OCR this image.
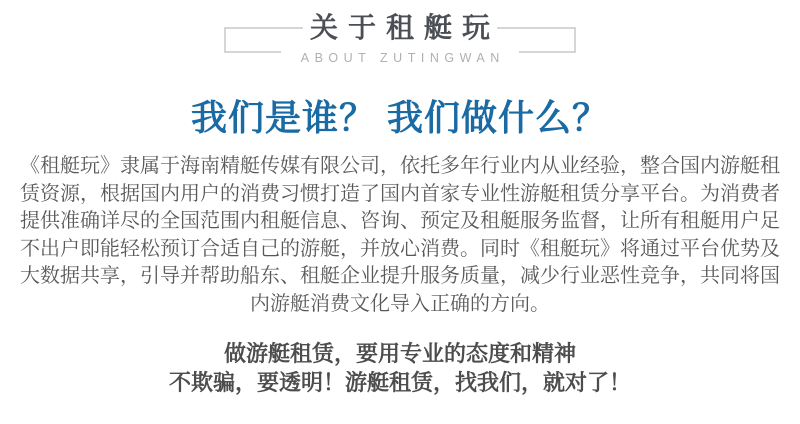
关于租艇玩
ABOUT ZUTINGWAN
我们是谁？ 我们做什么？

《租艇玩》隶属于海南精艇传媒有限公司，依托多年行业内从业经验，整合国内游艇租赁资源，根据国内用户的消费习惯打造了国内首家专业性游艇租赁分享平台。为消费者提供准确详尽的全国范围内租艇信息、咨询、预定及租艇服务监督，让所有租艇用户足不出户即能轻松预订合适自己的游艇，并放心消费。同时《租艇玩》将通过平台优势及大数据共享，引导并帮助船东、租艇企业提升服务质量，减少行业恶性竞争，共同将国内游艇消费文化导入正确的方向。

做游艇租赁，要用专业的态度和精神
不欺骗，要透明！游艇租赁，找我们，就对了！
